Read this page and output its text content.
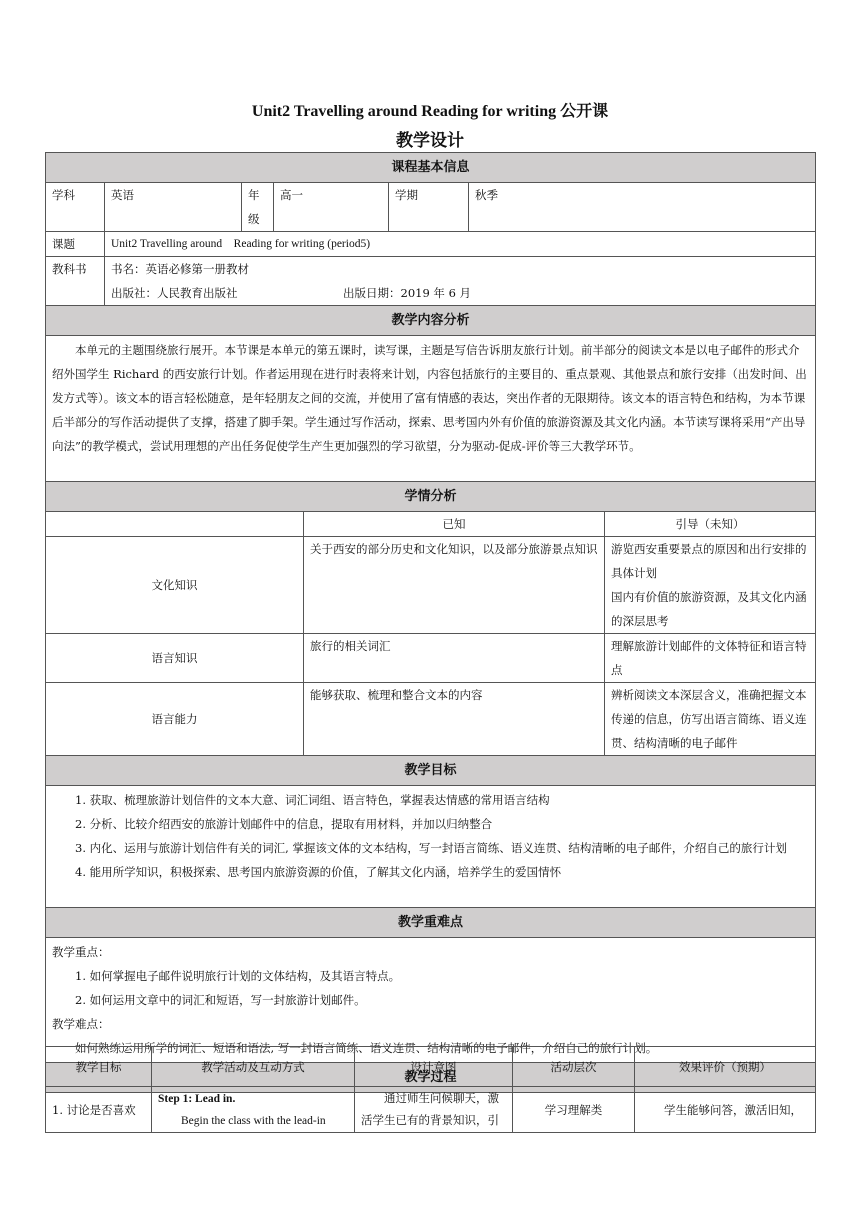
Unit2 Travelling around Reading for writing 公开课
教学设计
课程基本信息							
学科	英语	年级	高一		学期	秋季	
课题	Unit2 Travelling around    Reading for writing (period5)						
教科书	书名：英语必修第一册教材
出版社：人民教育出版社 出版日期：2019 年 6 月						

教学内容分析							
本单元的主题围绕旅行展开。本节课是本单元的第五课时，读写课，主题是写信告诉朋友旅行计划。前半部分的阅读文本是以电子邮件的形式介绍外国学生 Richard 的西安旅行计划。作者运用现在进行时表将来计划，内容包括旅行的主要目的、重点景观、其他景点和旅行安排（出发时间、出发方式等）。该文本的语言轻松随意，是年轻朋友之间的交流，并使用了富有情感的表达，突出作者的无限期待。该文本的语言特色和结构，为本节课后半部分的写作活动提供了支撑，搭建了脚手架。学生通过写作活动，探索、思考国内外有价值的旅游资源及其文化内涵。本节读写课将采用“产出导向法”的教学模式，尝试用理想的产出任务促使学生产生更加强烈的学习欲望，分为驱动-促成-评价等三大教学环节。							
学情分析							
				已知			引导（未知）
文化知识				关于西安的部分历史和文化知识，以及部分旅游景点知识			游览西安重要景点的原因和出行安排的具体计划
国内有价值的旅游资源，及其文化内涵的深层思考

语言知识				旅行的相关词汇			理解旅游计划邮件的文体特征和语言特点
语言能力				能够获取、梳理和整合文本的内容			辨析阅读文本深层含义，准确把握文本传递的信息，仿写出语言简练、语义连贯、结构清晰的电子邮件
教学目标							

1. 获取、梳理旅游计划信件的文本大意、词汇词组、语言特色，掌握表达情感的常用语言结构
2. 分析、比较介绍西安的旅游计划邮件中的信息，提取有用材料，并加以归纳整合
3. 内化、运用与旅游计划信件有关的词汇, 掌握该文体的文本结构，写一封语言简练、语义连贯、结构清晰的电子邮件，介绍自己的旅行计划
4. 能用所学知识，积极探索、思考国内旅游资源的价值，了解其文化内涵，培养学生的爱国情怀							

教学重难点							

教学重点：
1. 如何掌握电子邮件说明旅行计划的文体结构，及其语言特点。
2. 如何运用文章中的词汇和短语，写一封旅游计划邮件。
教学难点：
如何熟练运用所学的词汇、短语和语法, 写一封语言简练、语义连贯、结构清晰的电子邮件，介绍自己的旅行计划。							

教学过程							
教学目标	教学活动及互动方式	设计意图	活动层次	效果评价（预期）
1. 讨论是否喜欢	Step 1: Lead in.
Begin the class with the lead-in	通过师生问候聊天，激活学生已有的背景知识，引	学习理解类	学生能够问答，激活旧知，
